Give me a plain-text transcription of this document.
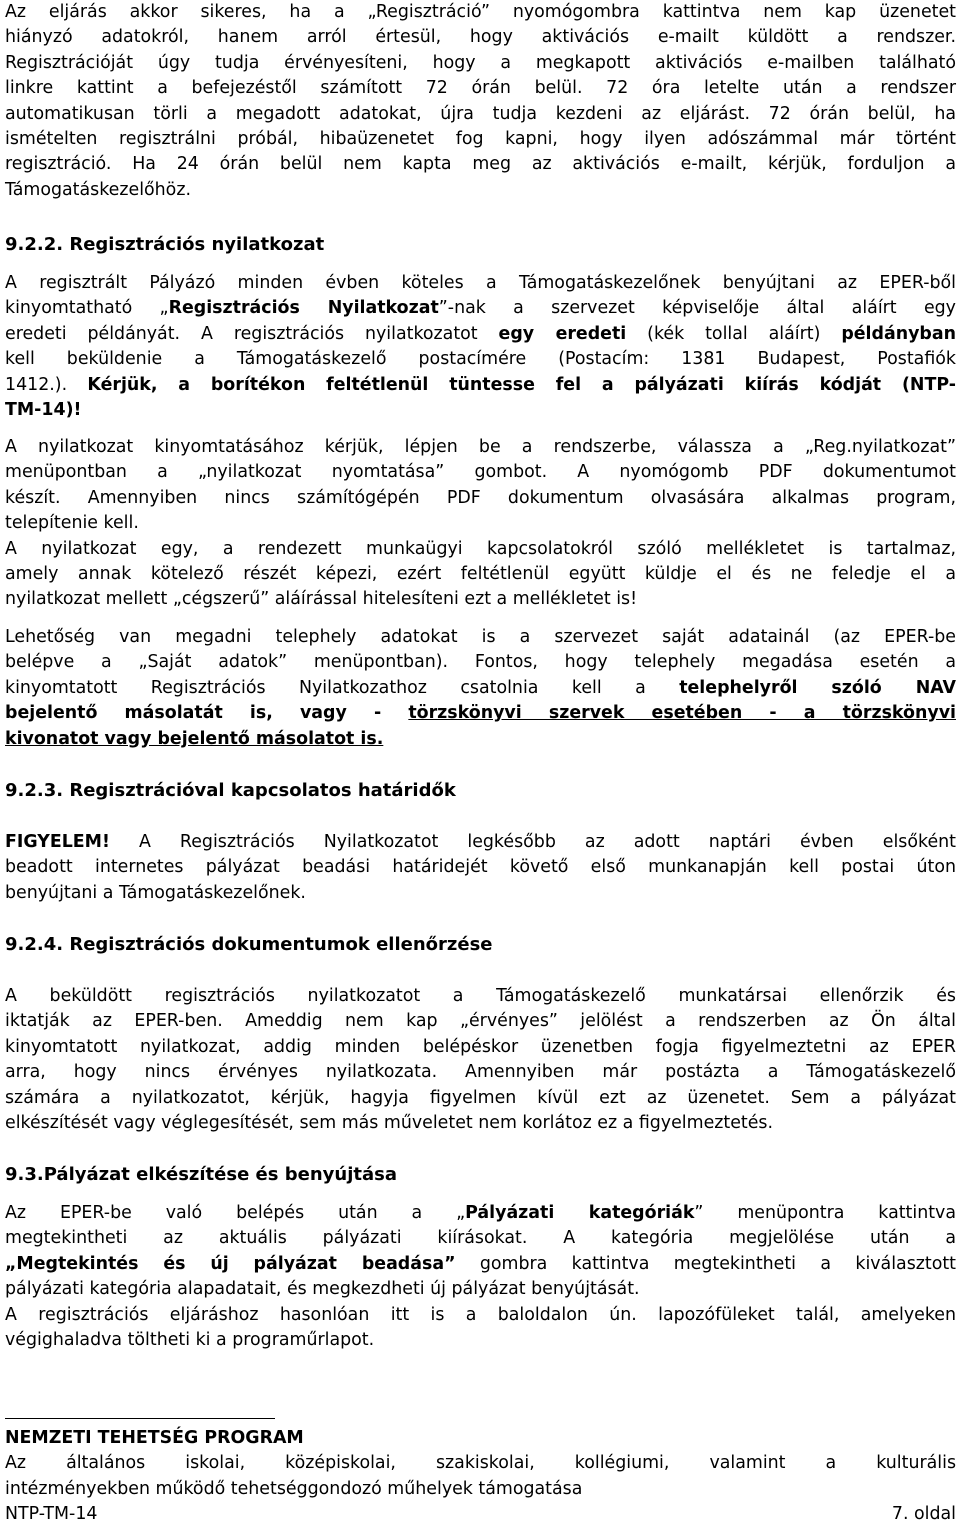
Az eljárás akkor sikeres, ha a „Regisztráció” nyomógombra kattintva nem kap üzenetet
hiányzó adatokról, hanem arról értesül, hogy aktivációs e-mailt küldött a rendszer.
Regisztrációját úgy tudja érvényesíteni, hogy a megkapott aktivációs e-mailben található
linkre kattint a befejezéstől számított 72 órán belül. 72 óra letelte után a rendszer
automatikusan törli a megadott adatokat, újra tudja kezdeni az eljárást. 72 órán belül, ha
ismételten regisztrálni próbál, hibaüzenetet fog kapni, hogy ilyen adószámmal már történt
regisztráció. Ha 24 órán belül nem kapta meg az aktivációs e-mailt, kérjük, forduljon a
Támogatáskezelőhöz.
9.2.2. Regisztrációs nyilatkozat
A regisztrált Pályázó minden évben köteles a Támogatáskezelőnek benyújtani az EPER-ből
kinyomtatható „Regisztrációs Nyilatkozat”-nak a szervezet képviselője által aláírt egy
eredeti példányát. A regisztrációs nyilatkozatot egy eredeti (kék tollal aláírt) példányban
kell beküldenie a Támogatáskezelő postacímére (Postacím: 1381 Budapest, Postafiók
1412.). Kérjük, a borítékon feltétlenül tüntesse fel a pályázati kiírás kódját (NTP-
TM-14)!
A nyilatkozat kinyomtatásához kérjük, lépjen be a rendszerbe, válassza a „Reg.nyilatkozat”
menüpontban a „nyilatkozat nyomtatása” gombot. A nyomógomb PDF dokumentumot
készít. Amennyiben nincs számítógépén PDF dokumentum olvasására alkalmas program,
telepítenie kell.
A nyilatkozat egy, a rendezett munkaügyi kapcsolatokról szóló mellékletet is tartalmaz,
amely annak kötelező részét képezi, ezért feltétlenül együtt küldje el és ne feledje el a
nyilatkozat mellett „cégszerű” aláírással hitelesíteni ezt a mellékletet is!
Lehetőség van megadni telephely adatokat is a szervezet saját adatainál (az EPER-be
belépve a „Saját adatok” menüpontban). Fontos, hogy telephely megadása esetén a
kinyomtatott Regisztrációs Nyilatkozathoz csatolnia kell a telephelyről szóló NAV
bejelentő másolatát is, vagy - törzskönyvi szervek esetében - a törzskönyvi
kivonatot vagy bejelentő másolatot is.
9.2.3. Regisztrációval kapcsolatos határidők
FIGYELEM! A Regisztrációs Nyilatkozatot legkésőbb az adott naptári évben elsőként
beadott internetes pályázat beadási határidejét követő első munkanapján kell postai úton
benyújtani a Támogatáskezelőnek.
9.2.4. Regisztrációs dokumentumok ellenőrzése
A beküldött regisztrációs nyilatkozatot a Támogatáskezelő munkatársai ellenőrzik és
iktatják az EPER-ben. Ameddig nem kap „érvényes” jelölést a rendszerben az Ön által
kinyomtatott nyilatkozat, addig minden belépéskor üzenetben fogja figyelmeztetni az EPER
arra, hogy nincs érvényes nyilatkozata. Amennyiben már postázta a Támogatáskezelő
számára a nyilatkozatot, kérjük, hagyja figyelmen kívül ezt az üzenetet. Sem a pályázat
elkészítését vagy véglegesítését, sem más műveletet nem korlátoz ez a figyelmeztetés.
9.3.Pályázat elkészítése és benyújtása
Az EPER-be való belépés után a „Pályázati kategóriák” menüpontra kattintva
megtekintheti az aktuális pályázati kiírásokat. A kategória megjelölése után a
„Megtekintés és új pályázat beadása” gombra kattintva megtekintheti a kiválasztott
pályázati kategória alapadatait, és megkezdheti új pályázat benyújtását.
A regisztrációs eljáráshoz hasonlóan itt is a baloldalon ún. lapozófüleket talál, amelyeken
végighaladva töltheti ki a programűrlapot.
NEMZETI TEHETSÉG PROGRAM
Az általános iskolai, középiskolai, szakiskolai, kollégiumi, valamint a kulturális
intézményekben működő tehetséggondozó műhelyek támogatása
NTP-TM-14	7. oldal
